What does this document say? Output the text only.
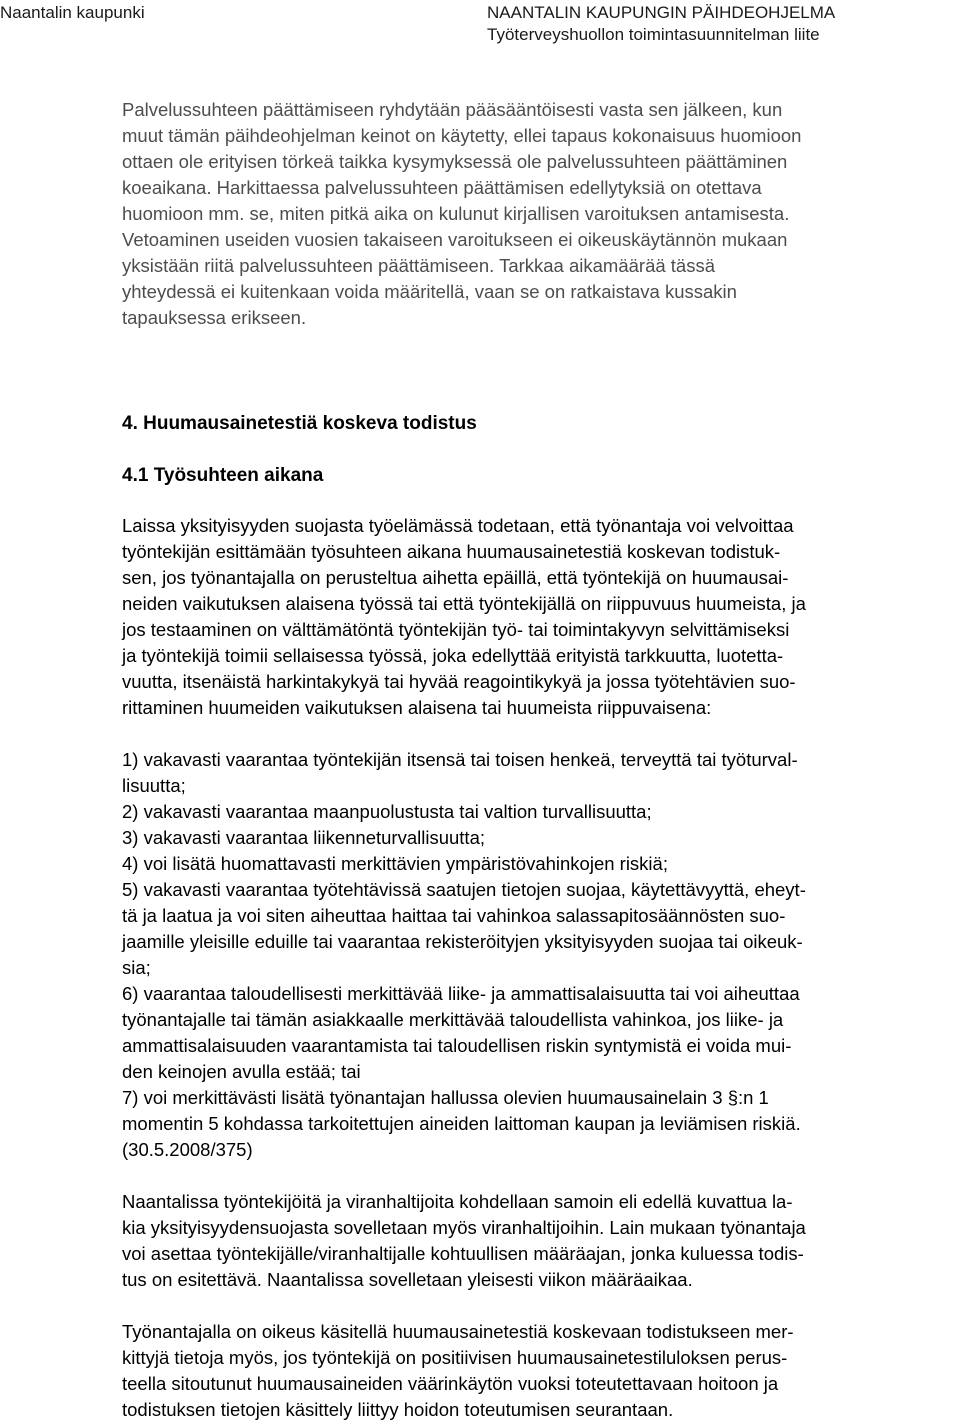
Naantalin kaupunki	NAANTALIN KAUPUNGIN PÄIHDEOHJELMA
Työterveyshuollon toimintasuunnitelman liite
Palvelussuhteen päättämiseen ryhdytään pääsääntöisesti vasta sen jälkeen, kun
muut tämän päihdeohjelman keinot on käytetty, ellei tapaus kokonaisuus huomioon
ottaen ole erityisen törkeä taikka kysymyksessä ole palvelussuhteen päättäminen
koeaikana. Harkittaessa palvelussuhteen päättämisen edellytyksiä on otettava
huomioon mm. se, miten pitkä aika on kulunut kirjallisen varoituksen antamisesta.
Vetoaminen useiden vuosien takaiseen varoitukseen ei oikeuskäytännön mukaan
yksistään riitä palvelussuhteen päättämiseen. Tarkkaa aikamäärää tässä
yhteydessä ei kuitenkaan voida määritellä, vaan se on ratkaistava kussakin
tapauksessa erikseen.
4. Huumausainetestiä koskeva todistus
4.1 Työsuhteen aikana
Laissa yksityisyyden suojasta työelämässä todetaan, että työnantaja voi velvoittaa
työntekijän esittämään työsuhteen aikana huumausainetestiä koskevan todistuk-
sen, jos työnantajalla on perusteltua aihetta epäillä, että työntekijä on huumausai-
neiden vaikutuksen alaisena työssä tai että työntekijällä on riippuvuus huumeista, ja
jos testaaminen on välttämätöntä työntekijän työ- tai toimintakyvyn selvittämiseksi
ja työntekijä toimii sellaisessa työssä, joka edellyttää erityistä tarkkuutta, luotetta-
vuutta, itsenäistä harkintakykyä tai hyvää reagointikykyä ja jossa työtehtävien suo-
rittaminen huumeiden vaikutuksen alaisena tai huumeista riippuvaisena:
1) vakavasti vaarantaa työntekijän itsensä tai toisen henkeä, terveyttä tai työturval-
lisuutta;
2) vakavasti vaarantaa maanpuolustusta tai valtion turvallisuutta;
3) vakavasti vaarantaa liikenneturvallisuutta;
4) voi lisätä huomattavasti merkittävien ympäristövahinkojen riskiä;
5) vakavasti vaarantaa työtehtävissä saatujen tietojen suojaa, käytettävyyttä, eheyt-
tä ja laatua ja voi siten aiheuttaa haittaa tai vahinkoa salassapitosäännösten suo-
jaamille yleisille eduille tai vaarantaa rekisteröityjen yksityisyyden suojaa tai oikeuk-
sia;
6) vaarantaa taloudellisesti merkittävää liike- ja ammattisalaisuutta tai voi aiheuttaa
työnantajalle tai tämän asiakkaalle merkittävää taloudellista vahinkoa, jos liike- ja
ammattisalaisuuden vaarantamista tai taloudellisen riskin syntymistä ei voida mui-
den keinojen avulla estää; tai
7) voi merkittävästi lisätä työnantajan hallussa olevien huumausainelain 3 §:n 1
momentin 5 kohdassa tarkoitettujen aineiden laittoman kaupan ja leviämisen riskiä.
(30.5.2008/375)
Naantalissa työntekijöitä ja viranhaltijoita kohdellaan samoin eli edellä kuvattua la-
kia yksityisyydensuojasta sovelletaan myös viranhaltijoihin. Lain mukaan työnantaja
voi asettaa työntekijälle/viranhaltijalle kohtuullisen määräajan, jonka kuluessa todis-
tus on esitettävä. Naantalissa sovelletaan yleisesti viikon määräaikaa.
Työnantajalla on oikeus käsitellä huumausainetestiä koskevaan todistukseen mer-
kittyjä tietoja myös, jos työntekijä on positiivisen huumausainetestiluloksen perus-
teella sitoutunut huumausaineiden väärinkäytön vuoksi toteutettavaan hoitoon ja
todistuksen tietojen käsittely liittyy hoidon toteutumisen seurantaan.
